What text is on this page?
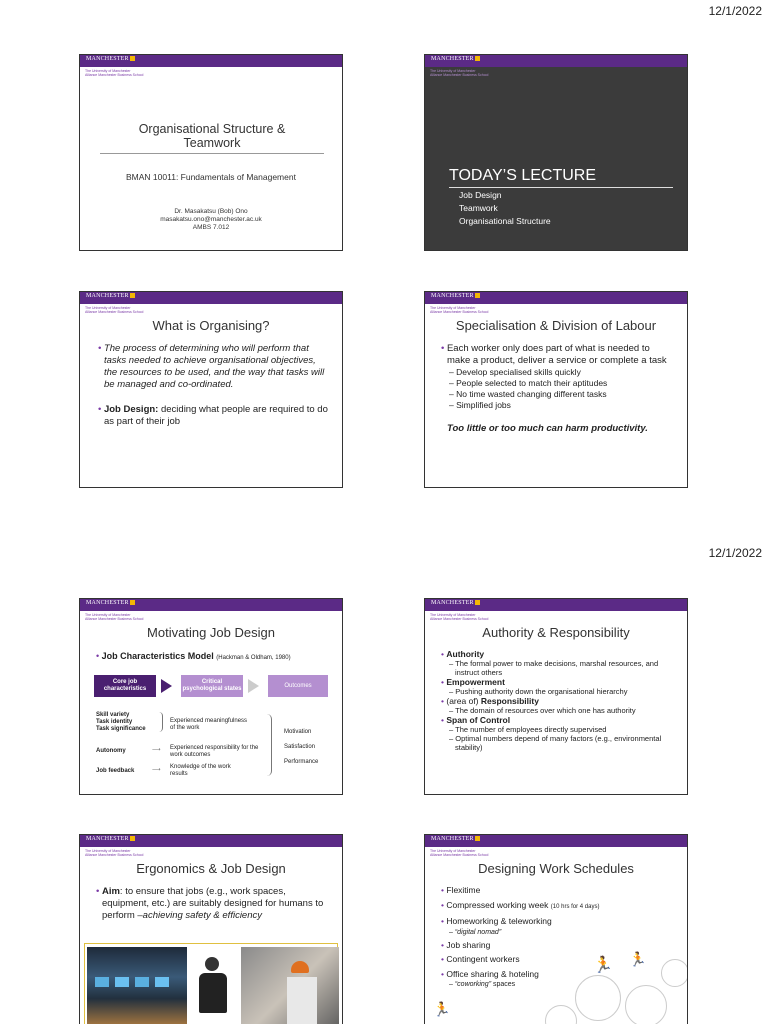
12/1/2022
12/1/2022
MANCHESTER
The University of Manchester
Alliance Manchester Business School
Organisational Structure & Teamwork
BMAN 10011: Fundamentals of Management
Dr. Masakatsu (Bob) Ono
masakatsu.ono@manchester.ac.uk
AMBS 7.012
MANCHESTER
The University of Manchester
Alliance Manchester Business School
TODAY’S LECTURE
Job Design
Teamwork
Organisational Structure
MANCHESTER
The University of Manchester
Alliance Manchester Business School
What is Organising?
• The process of determining who will perform that tasks needed to achieve organisational objectives, the resources to be used, and the way that tasks will be managed and co-ordinated.
• Job Design: deciding what people are required to do as part of their job
MANCHESTER
The University of Manchester
Alliance Manchester Business School
Specialisation & Division of Labour
• Each worker only does part of what is needed to make a product, deliver a service or complete a task
– Develop specialised skills quickly
– People selected to match their aptitudes
– No time wasted changing different tasks
– Simplified jobs
Too little or too much can harm productivity.
MANCHESTER
The University of Manchester
Alliance Manchester Business School
Motivating Job Design
• Job Characteristics Model (Hackman & Oldham, 1980)
Core job characteristics
Critical psychological states
Outcomes
Skill variety
Task identity
Task significance
Experienced meaningfulness of the work
Autonomy	⟶ Experienced responsibility for the work outcomes
Job feedback	⟶ Knowledge of the work results
Motivation
Satisfaction
Performance
MANCHESTER
The University of Manchester
Alliance Manchester Business School
Authority & Responsibility
• Authority
– The formal power to make decisions, marshal resources, and instruct others
• Empowerment
– Pushing authority down the organisational hierarchy
• (area of) Responsibility
– The domain of resources over which one has authority
• Span of Control
– The number of employees directly supervised
– Optimal numbers depend of many factors (e.g., environmental stability)
MANCHESTER
The University of Manchester
Alliance Manchester Business School
Ergonomics & Job Design
• Aim: to ensure that jobs (e.g., work spaces, equipment, etc.) are suitably designed for humans to perform –achieving safety & efficiency
MANCHESTER
The University of Manchester
Alliance Manchester Business School
Designing Work Schedules
🏃 🏃
🏃
• Flexitime
• Compressed working week (10 hrs for 4 days)
• Homeworking & teleworking
– “digital nomad”
• Job sharing
• Contingent workers
• Office sharing & hoteling
– “coworking” spaces
